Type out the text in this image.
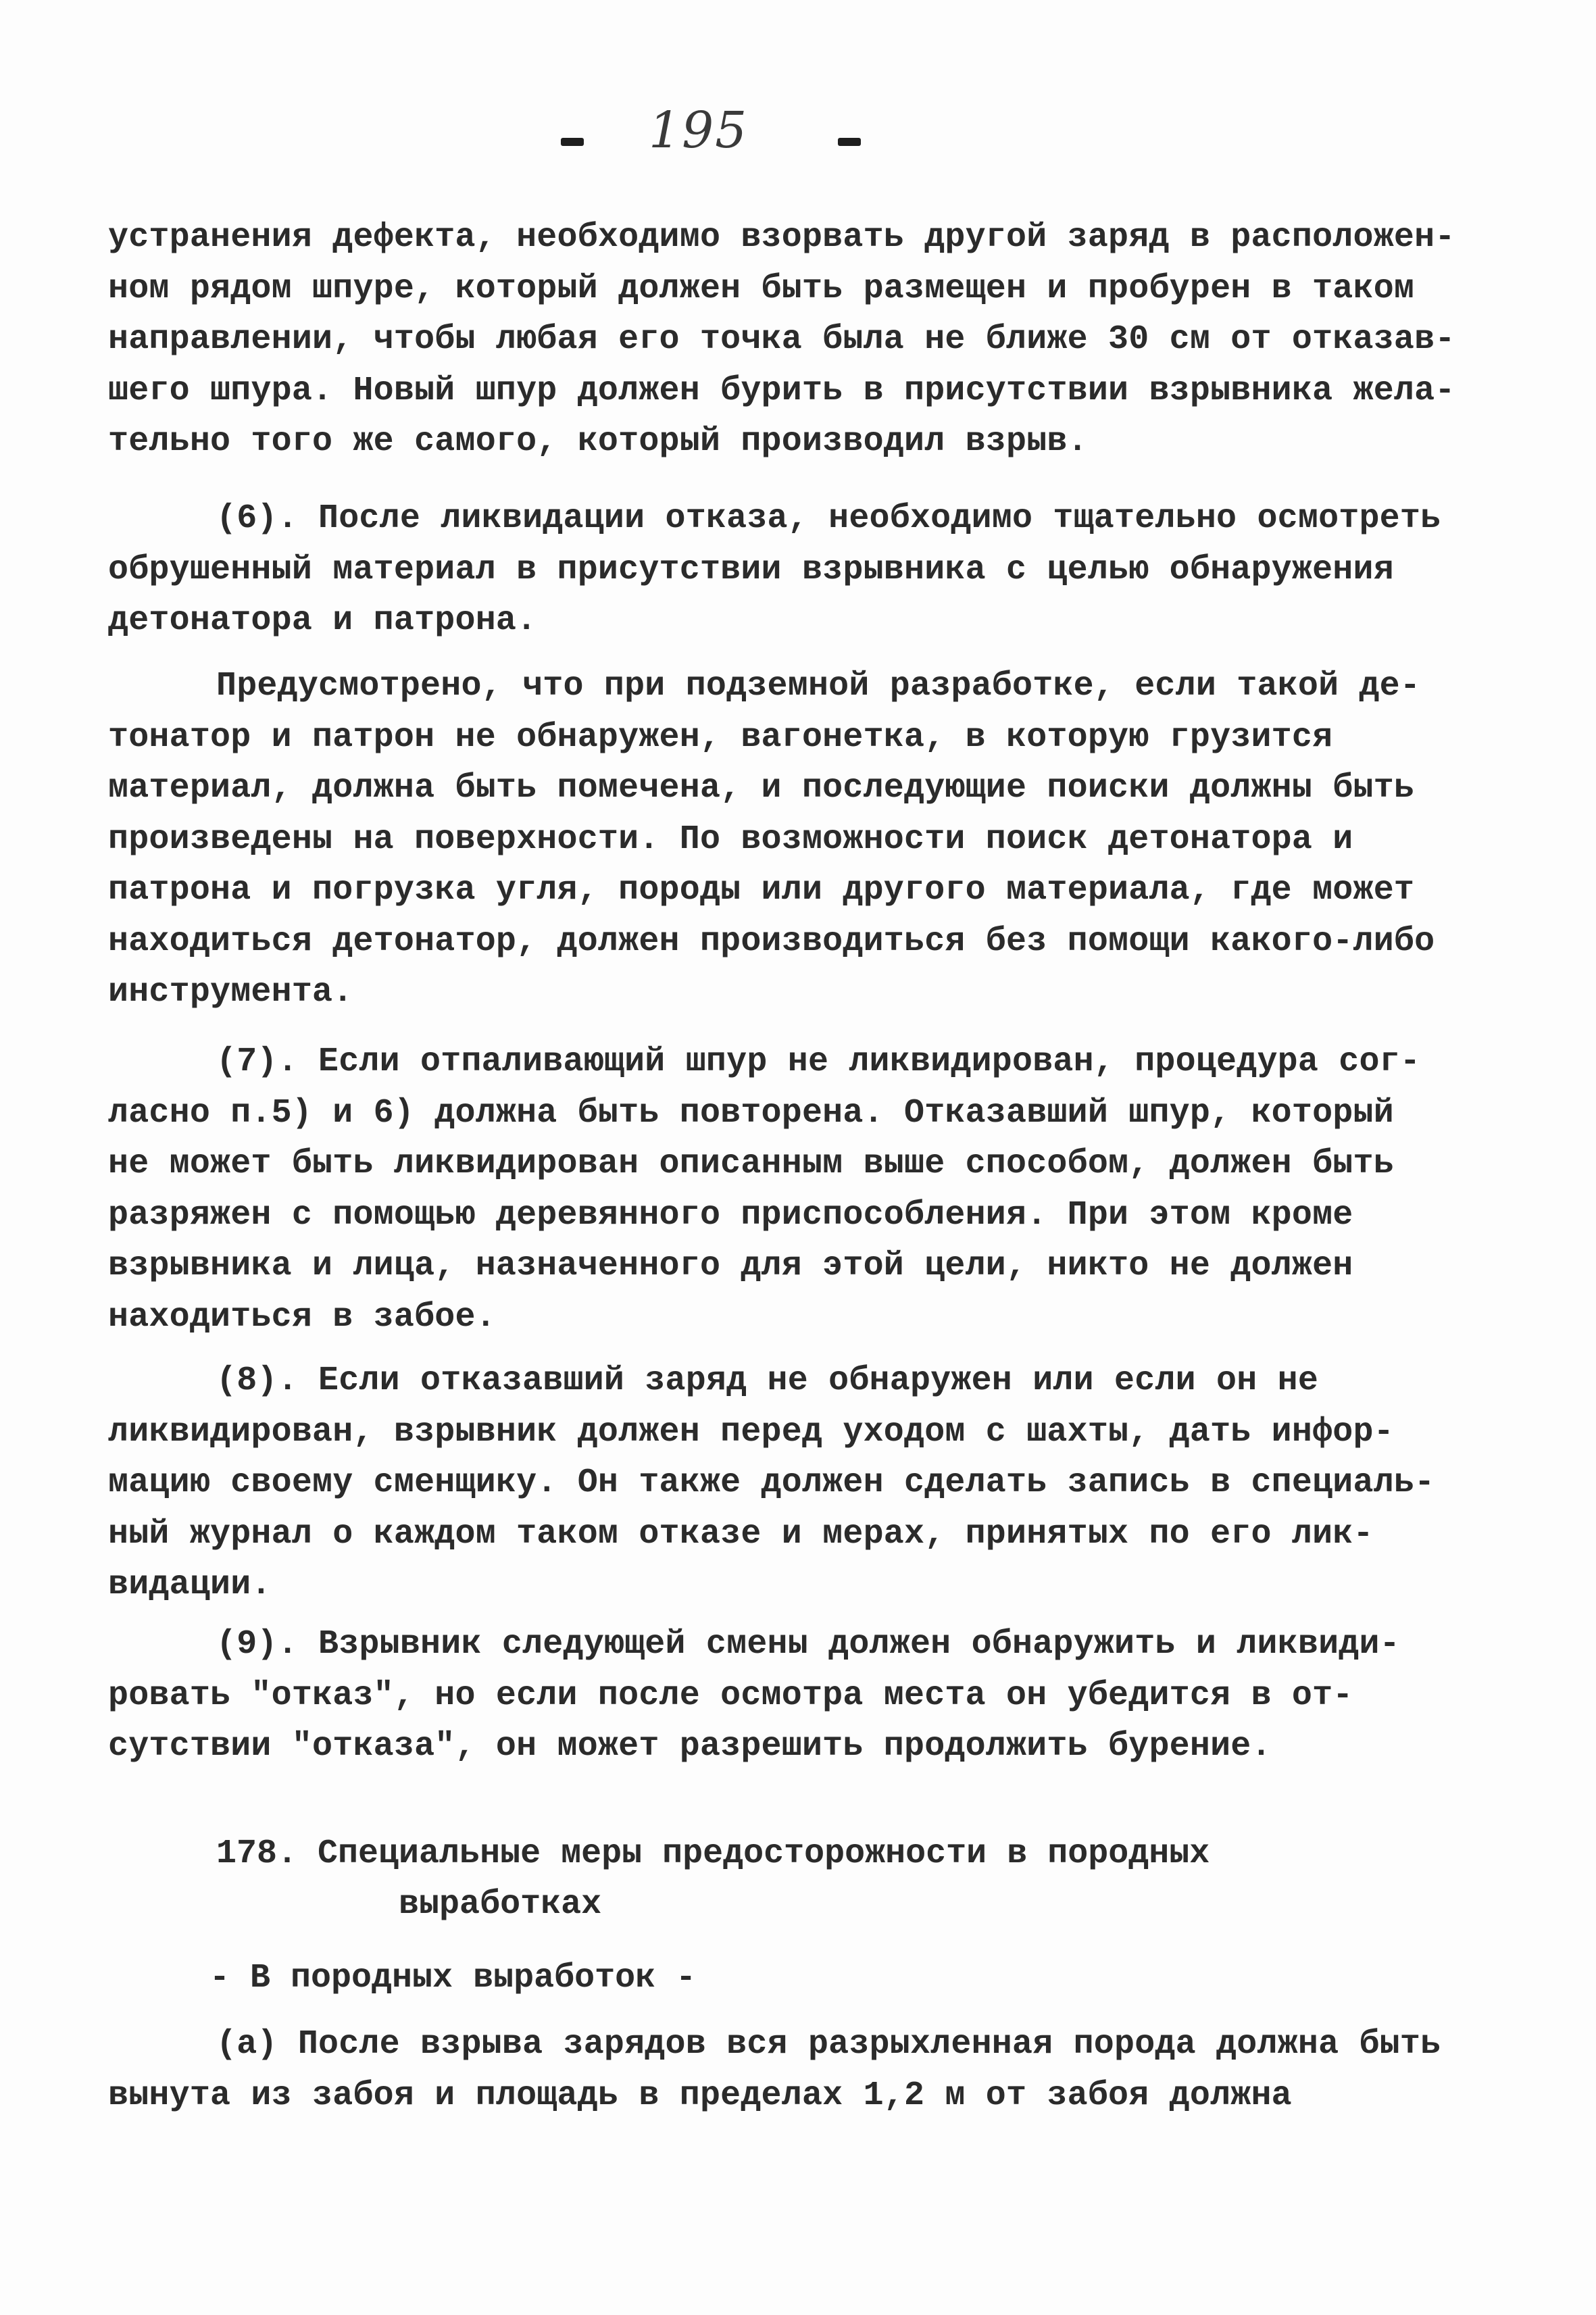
195

устранения дефекта, необходимо взорвать другой заряд в расположен-
ном рядом шпуре, который должен быть размещен и пробурен в таком
направлении, чтобы любая его точка была не ближе 30 см от отказав-
шего шпура. Новый шпур должен бурить в присутствии взрывника жела-
тельно того же самого, который производил взрыв.

(6). После ликвидации отказа, необходимо тщательно осмотреть
обрушенный материал в присутствии взрывника с целью обнаружения
детонатора и патрона.

Предусмотрено, что при подземной разработке, если такой де-
тонатор и патрон не обнаружен, вагонетка, в которую грузится
материал, должна быть помечена, и последующие поиски должны быть
произведены на поверхности. По возможности поиск детонатора и
патрона и погрузка угля, породы или другого материала, где может
находиться детонатор, должен производиться без помощи какого-либо
инструмента.

(7). Если отпаливающий шпур не ликвидирован, процедура сог-
ласно п.5) и 6) должна быть повторена. Отказавший шпур, который
не может быть ликвидирован описанным выше способом, должен быть
разряжен с помощью деревянного приспособления. При этом кроме
взрывника и лица, назначенного для этой цели, никто не должен
находиться в забое.

(8). Если отказавший заряд не обнаружен или если он не
ликвидирован, взрывник должен перед уходом с шахты, дать инфор-
мацию своему сменщику. Он также должен сделать запись в специаль-
ный журнал о каждом таком отказе и мерах, принятых по его лик-
видации.

(9). Взрывник следующей смены должен обнаружить и ликвиди-
ровать "отказ", но если после осмотра места он убедится в от-
сутствии "отказа", он может разрешить продолжить бурение.

178. Специальные меры предосторожности в породных
выработках

- В породных выработок -

(а) После взрыва зарядов вся разрыхленная порода должна быть
вынута из забоя и площадь в пределах 1,2 м от забоя должна
